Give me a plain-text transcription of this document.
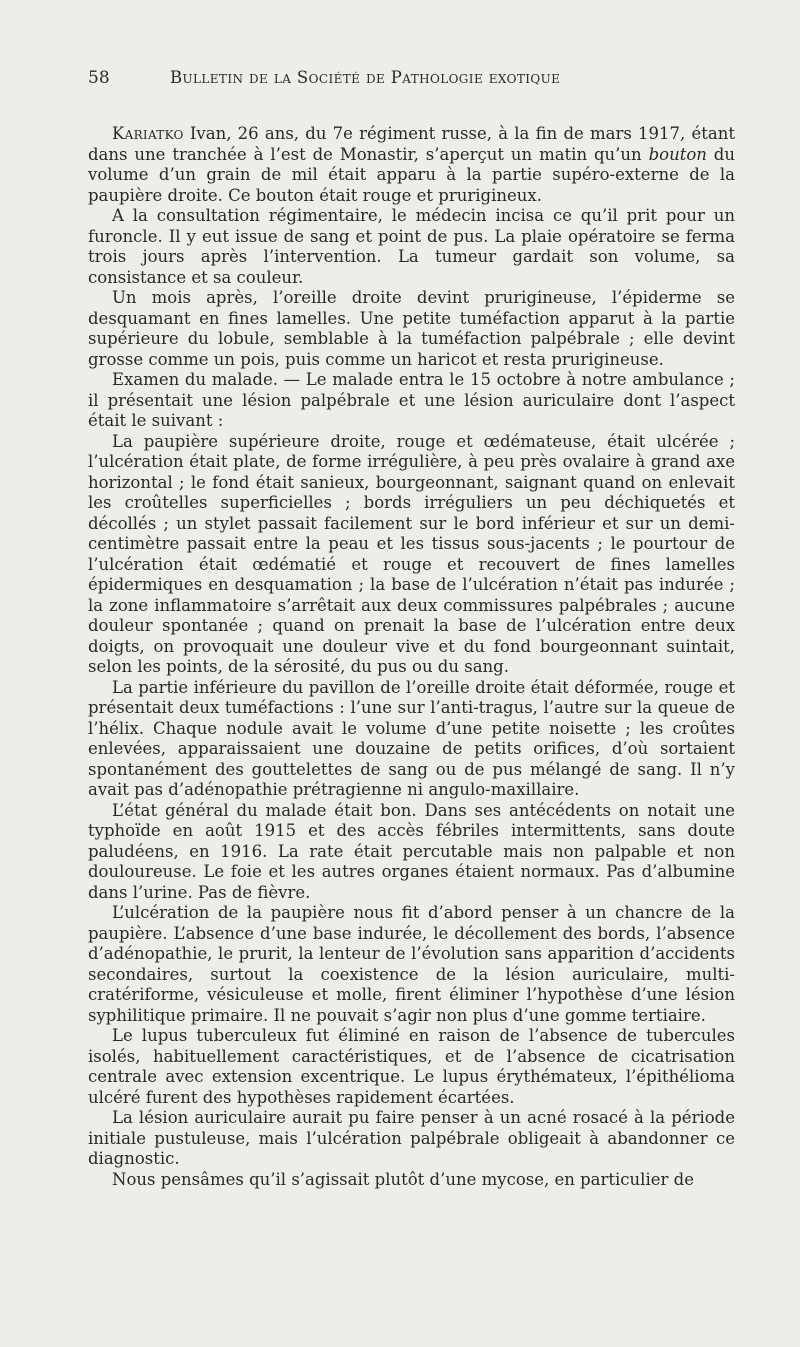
58	Bulletin de la Société de Pathologie exotique

Kariatko Ivan, 26 ans, du 7e régiment russe, à la fin de mars 1917, étant dans une tranchée à l’est de Monastir, s’aperçut un matin qu’un bouton du volume d’un grain de mil était apparu à la partie supéro-externe de la paupière droite. Ce bouton était rouge et prurigineux.

A la consultation régimentaire, le médecin incisa ce qu’il prit pour un furoncle. Il y eut issue de sang et point de pus. La plaie opératoire se ferma trois jours après l’intervention. La tumeur gardait son volume, sa consistance et sa couleur.

Un mois après, l’oreille droite devint prurigineuse, l’épiderme se desquamant en fines lamelles. Une petite tuméfaction apparut à la partie supérieure du lobule, semblable à la tuméfaction palpébrale ; elle devint grosse comme un pois, puis comme un haricot et resta prurigineuse.

Examen du malade. — Le malade entra le 15 octobre à notre ambulance ; il présentait une lésion palpébrale et une lésion auriculaire dont l’aspect était le suivant :

La paupière supérieure droite, rouge et œdémateuse, était ulcérée ; l’ulcération était plate, de forme irrégulière, à peu près ovalaire à grand axe horizontal ; le fond était sanieux, bourgeonnant, saignant quand on enlevait les croûtelles superficielles ; bords irréguliers un peu déchiquetés et décollés ; un stylet passait facilement sur le bord inférieur et sur un demi-centimètre passait entre la peau et les tissus sous-jacents ; le pourtour de l’ulcération était œdématié et rouge et recouvert de fines lamelles épidermiques en desquamation ; la base de l’ulcération n’était pas indurée ; la zone inflammatoire s’arrêtait aux deux commissures palpébrales ; aucune douleur spontanée ; quand on prenait la base de l’ulcération entre deux doigts, on provoquait une douleur vive et du fond bourgeonnant suintait, selon les points, de la sérosité, du pus ou du sang.

La partie inférieure du pavillon de l’oreille droite était déformée, rouge et présentait deux tuméfactions : l’une sur l’anti-tragus, l’autre sur la queue de l’hélix. Chaque nodule avait le volume d’une petite noisette ; les croûtes enlevées, apparaissaient une douzaine de petits orifices, d’où sortaient spontanément des gouttelettes de sang ou de pus mélangé de sang. Il n’y avait pas d’adénopathie prétragienne ni angulo-maxillaire.

L’état général du malade était bon. Dans ses antécédents on notait une typhoïde en août 1915 et des accès fébriles intermittents, sans doute paludéens, en 1916. La rate était percutable mais non palpable et non douloureuse. Le foie et les autres organes étaient normaux. Pas d’albumine dans l’urine. Pas de fièvre.

L’ulcération de la paupière nous fit d’abord penser à un chancre de la paupière. L’absence d’une base indurée, le décollement des bords, l’absence d’adénopathie, le prurit, la lenteur de l’évolution sans apparition d’accidents secondaires, surtout la coexistence de la lésion auriculaire, multicratériforme, vésiculeuse et molle, firent éliminer l’hypothèse d’une lésion syphilitique primaire. Il ne pouvait s’agir non plus d’une gomme tertiaire.

Le lupus tuberculeux fut éliminé en raison de l’absence de tubercules isolés, habituellement caractéristiques, et de l’absence de cicatrisation centrale avec extension excentrique. Le lupus érythémateux, l’épithélioma ulcéré furent des hypothèses rapidement écartées.

La lésion auriculaire aurait pu faire penser à un acné rosacé à la période initiale pustuleuse, mais l’ulcération palpébrale obligeait à abandonner ce diagnostic.

Nous pensâmes qu’il s’agissait plutôt d’une mycose, en particulier de
